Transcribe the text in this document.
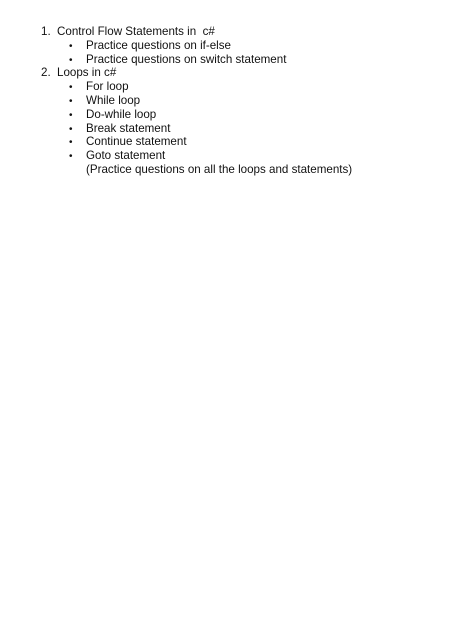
1. Control Flow Statements in  c#
•	Practice questions on if-else
•	Practice questions on switch statement
2. Loops in c#
•	For loop
•	While loop
•	Do-while loop
•	Break statement
•	Continue statement
•	Goto statement
(Practice questions on all the loops and statements)
